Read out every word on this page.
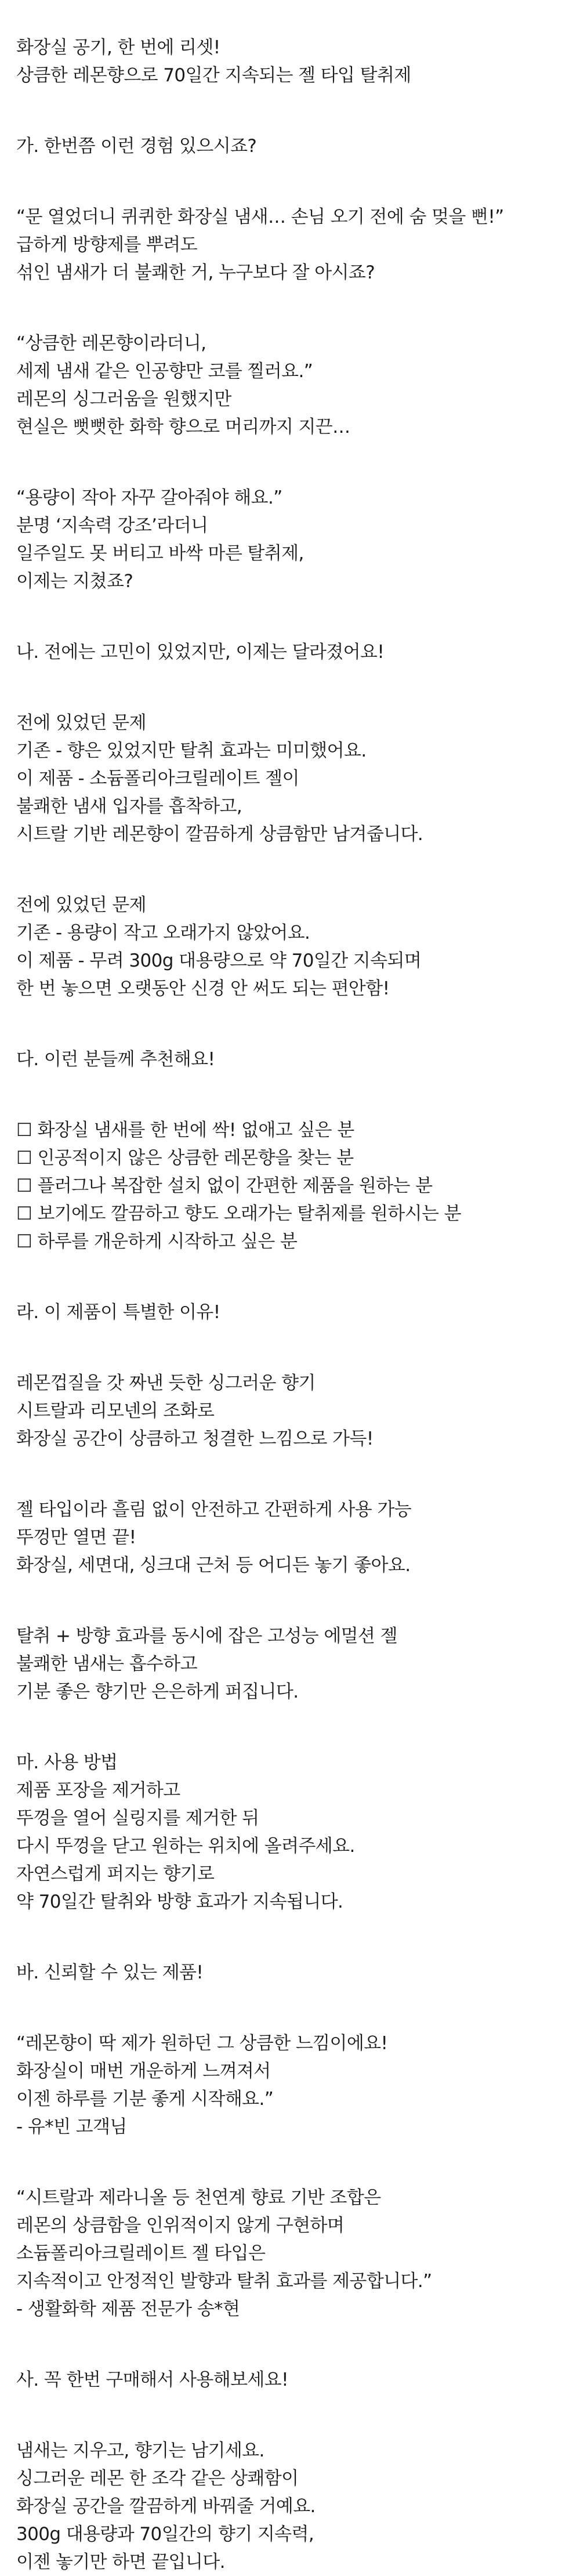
화장실 공기, 한 번에 리셋!
상큼한 레몬향으로 70일간 지속되는 젤 타입 탈취제
가. 한번쯤 이런 경험 있으시죠?
“문 열었더니 퀴퀴한 화장실 냄새… 손님 오기 전에 숨 멎을 뻔!”
급하게 방향제를 뿌려도
섞인 냄새가 더 불쾌한 거, 누구보다 잘 아시죠?
“상큼한 레몬향이라더니,
세제 냄새 같은 인공향만 코를 찔러요.”
레몬의 싱그러움을 원했지만
현실은 뻣뻣한 화학 향으로 머리까지 지끈…
“용량이 작아 자꾸 갈아줘야 해요.”
분명 ‘지속력 강조’라더니
일주일도 못 버티고 바싹 마른 탈취제,
이제는 지쳤죠?
나. 전에는 고민이 있었지만, 이제는 달라졌어요!
전에 있었던 문제
기존 - 향은 있었지만 탈취 효과는 미미했어요.
이 제품 - 소듐폴리아크릴레이트 젤이
불쾌한 냄새 입자를 흡착하고,
시트랄 기반 레몬향이 깔끔하게 상큼함만 남겨줍니다.
전에 있었던 문제
기존 - 용량이 작고 오래가지 않았어요.
이 제품 - 무려 300g 대용량으로 약 70일간 지속되며
한 번 놓으면 오랫동안 신경 안 써도 되는 편안함!
다. 이런 분들께 추천해요!
☐ 화장실 냄새를 한 번에 싹! 없애고 싶은 분
☐ 인공적이지 않은 상큼한 레몬향을 찾는 분
☐ 플러그나 복잡한 설치 없이 간편한 제품을 원하는 분
☐ 보기에도 깔끔하고 향도 오래가는 탈취제를 원하시는 분
☐ 하루를 개운하게 시작하고 싶은 분
라. 이 제품이 특별한 이유!
레몬껍질을 갓 짜낸 듯한 싱그러운 향기
시트랄과 리모넨의 조화로
화장실 공간이 상큼하고 청결한 느낌으로 가득!
젤 타입이라 흘림 없이 안전하고 간편하게 사용 가능
뚜껑만 열면 끝!
화장실, 세면대, 싱크대 근처 등 어디든 놓기 좋아요.
탈취 + 방향 효과를 동시에 잡은 고성능 에멀션 젤
불쾌한 냄새는 흡수하고
기분 좋은 향기만 은은하게 퍼집니다.
마. 사용 방법
제품 포장을 제거하고
뚜껑을 열어 실링지를 제거한 뒤
다시 뚜껑을 닫고 원하는 위치에 올려주세요.
자연스럽게 퍼지는 향기로
약 70일간 탈취와 방향 효과가 지속됩니다.
바. 신뢰할 수 있는 제품!
“레몬향이 딱 제가 원하던 그 상큼한 느낌이에요!
화장실이 매번 개운하게 느껴져서
이젠 하루를 기분 좋게 시작해요.”
- 유*빈 고객님
“시트랄과 제라니올 등 천연계 향료 기반 조합은
레몬의 상큼함을 인위적이지 않게 구현하며
소듐폴리아크릴레이트 젤 타입은
지속적이고 안정적인 발향과 탈취 효과를 제공합니다.”
- 생활화학 제품 전문가 송*현
사. 꼭 한번 구매해서 사용해보세요!
냄새는 지우고, 향기는 남기세요.
싱그러운 레몬 한 조각 같은 상쾌함이
화장실 공간을 깔끔하게 바꿔줄 거예요.
300g 대용량과 70일간의 향기 지속력,
이젠 놓기만 하면 끝입니다.
